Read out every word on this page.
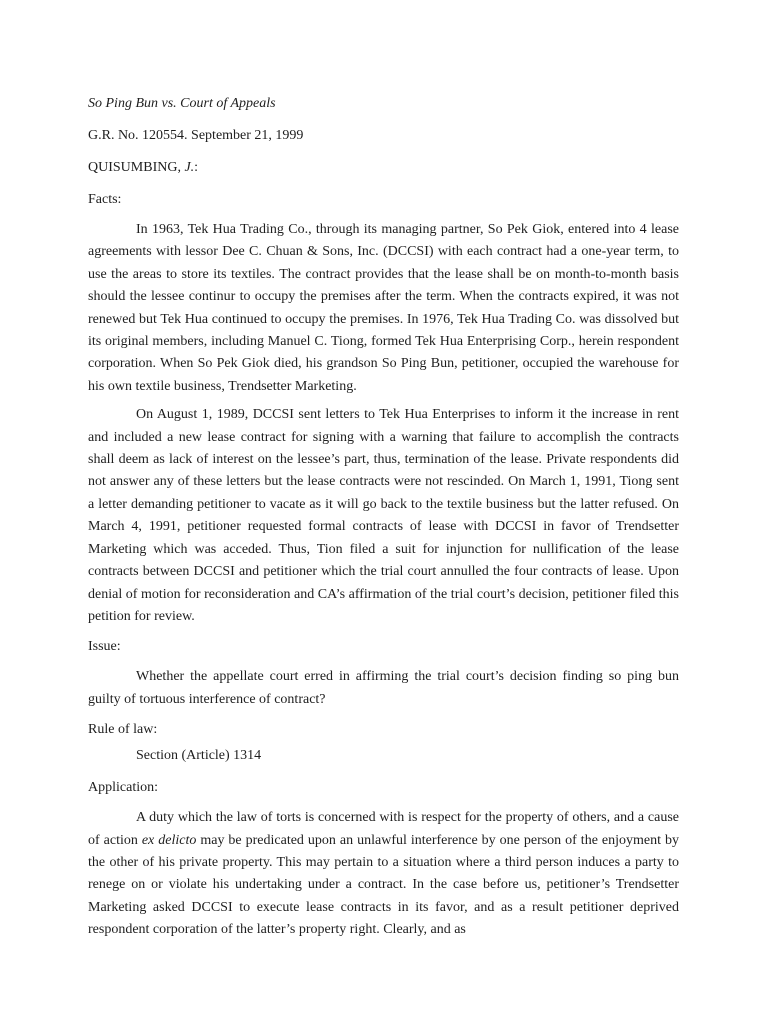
So Ping Bun vs. Court of Appeals

G.R. No. 120554. September 21, 1999

QUISUMBING, J.:

Facts:

In 1963, Tek Hua Trading Co., through its managing partner, So Pek Giok, entered into 4 lease agreements with lessor Dee C. Chuan & Sons, Inc. (DCCSI) with each contract had a one-year term, to use the areas to store its textiles. The contract provides that the lease shall be on month-to-month basis should the lessee continur to occupy the premises after the term. When the contracts expired, it was not renewed but Tek Hua continued to occupy the premises. In 1976, Tek Hua Trading Co. was dissolved but its original members, including Manuel C. Tiong, formed Tek Hua Enterprising Corp., herein respondent corporation. When So Pek Giok died, his grandson So Ping Bun, petitioner, occupied the warehouse for his own textile business, Trendsetter Marketing.

On August 1, 1989, DCCSI sent letters to Tek Hua Enterprises to inform it the increase in rent and included a new lease contract for signing with a warning that failure to accomplish the contracts shall deem as lack of interest on the lessee’s part, thus, termination of the lease. Private respondents did not answer any of these letters but the lease contracts were not rescinded. On March 1, 1991, Tiong sent a letter demanding petitioner to vacate as it will go back to the textile business but the latter refused. On March 4, 1991, petitioner requested formal contracts of lease with DCCSI in favor of Trendsetter Marketing which was acceded. Thus, Tion filed a suit for injunction for nullification of the lease contracts between DCCSI and petitioner which the trial court annulled the four contracts of lease. Upon denial of motion for reconsideration and CA’s affirmation of the trial court’s decision, petitioner filed this petition for review.

Issue:

Whether the appellate court erred in affirming the trial court’s decision finding so ping bun guilty of tortuous interference of contract?

Rule of law:

Section (Article) 1314

Application:

A duty which the law of torts is concerned with is respect for the property of others, and a cause of action ex delicto may be predicated upon an unlawful interference by one person of the enjoyment by the other of his private property. This may pertain to a situation where a third person induces a party to renege on or violate his undertaking under a contract. In the case before us, petitioner’s Trendsetter Marketing asked DCCSI to execute lease contracts in its favor, and as a result petitioner deprived respondent corporation of the latter’s property right. Clearly, and as
